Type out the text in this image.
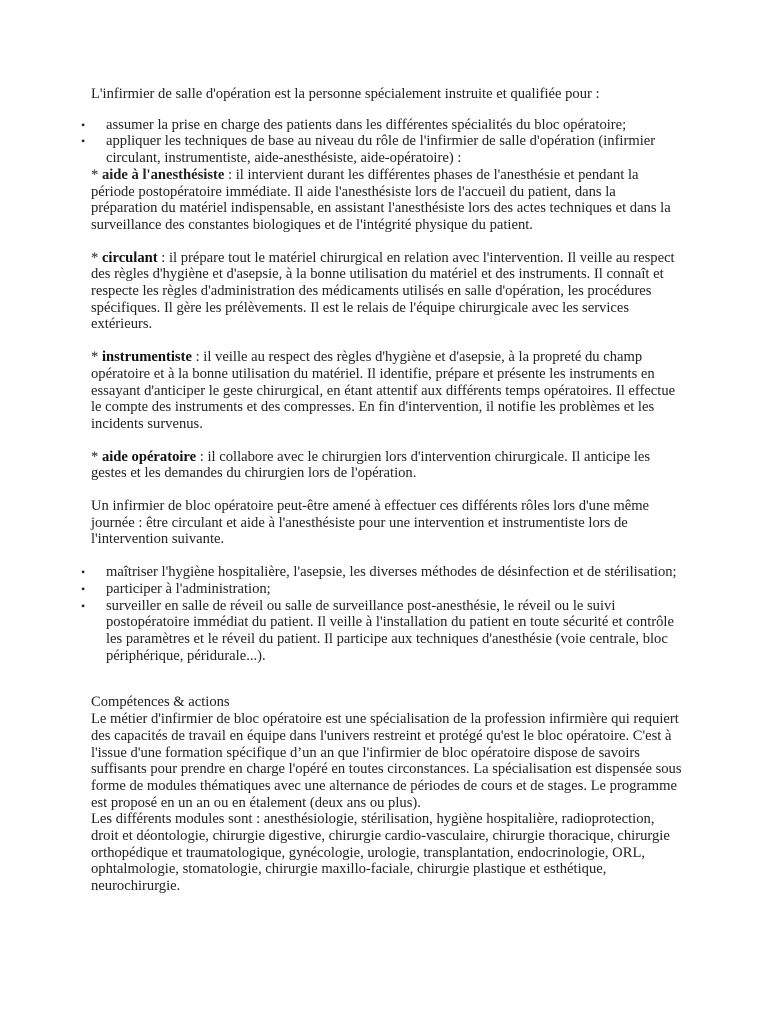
L'infirmier de salle d'opération est la personne spécialement instruite et qualifiée pour :

• assumer la prise en charge des patients dans les différentes spécialités du bloc opératoire;
• appliquer les techniques de base au niveau du rôle de l'infirmier de salle d'opération (infirmier circulant, instrumentiste, aide-anesthésiste, aide-opératoire) :

* aide à l'anesthésiste : il intervient durant les différentes phases de l'anesthésie et pendant la période postopératoire immédiate. Il aide l'anesthésiste lors de l'accueil du patient, dans la préparation du matériel indispensable, en assistant l'anesthésiste lors des actes techniques et dans la surveillance des constantes biologiques et de l'intégrité physique du patient.

* circulant : il prépare tout le matériel chirurgical en relation avec l'intervention. Il veille au respect des règles d'hygiène et d'asepsie, à la bonne utilisation du matériel et des instruments. Il connaît et respecte les règles d'administration des médicaments utilisés en salle d'opération, les procédures spécifiques. Il gère les prélèvements. Il est le relais de l'équipe chirurgicale avec les services extérieurs.

* instrumentiste : il veille au respect des règles d'hygiène et d'asepsie, à la propreté du champ opératoire et à la bonne utilisation du matériel. Il identifie, prépare et présente les instruments en essayant d'anticiper le geste chirurgical, en étant attentif aux différents temps opératoires. Il effectue le compte des instruments et des compresses. En fin d'intervention, il notifie les problèmes et les incidents survenus.

* aide opératoire : il collabore avec le chirurgien lors d'intervention chirurgicale. Il anticipe les gestes et les demandes du chirurgien lors de l'opération.

Un infirmier de bloc opératoire peut-être amené à effectuer ces différents rôles lors d'une même journée : être circulant et aide à l'anesthésiste pour une intervention et instrumentiste lors de l'intervention suivante.

• maîtriser l'hygiène hospitalière, l'asepsie, les diverses méthodes de désinfection et de stérilisation;
• participer à l'administration;
• surveiller en salle de réveil ou salle de surveillance post-anesthésie, le réveil ou le suivi postopératoire immédiat du patient. Il veille à l'installation du patient en toute sécurité et contrôle les paramètres et le réveil du patient. Il participe aux techniques d'anesthésie (voie centrale, bloc périphérique, péridurale...).

Compétences & actions

Le métier d'infirmier de bloc opératoire est une spécialisation de la profession infirmière qui requiert des capacités de travail en équipe dans l'univers restreint et protégé qu'est le bloc opératoire. C'est à l'issue d'une formation spécifique d’un an que l'infirmier de bloc opératoire dispose de savoirs suffisants pour prendre en charge l'opéré en toutes circonstances. La spécialisation est dispensée sous forme de modules thématiques avec une alternance de périodes de cours et de stages. Le programme est proposé en un an ou en étalement (deux ans ou plus).

Les différents modules sont : anesthésiologie, stérilisation, hygiène hospitalière, radioprotection, droit et déontologie, chirurgie digestive, chirurgie cardio-vasculaire, chirurgie thoracique, chirurgie orthopédique et traumatologique, gynécologie, urologie, transplantation, endocrinologie, ORL, ophtalmologie, stomatologie, chirurgie maxillo-faciale, chirurgie plastique et esthétique, neurochirurgie.
